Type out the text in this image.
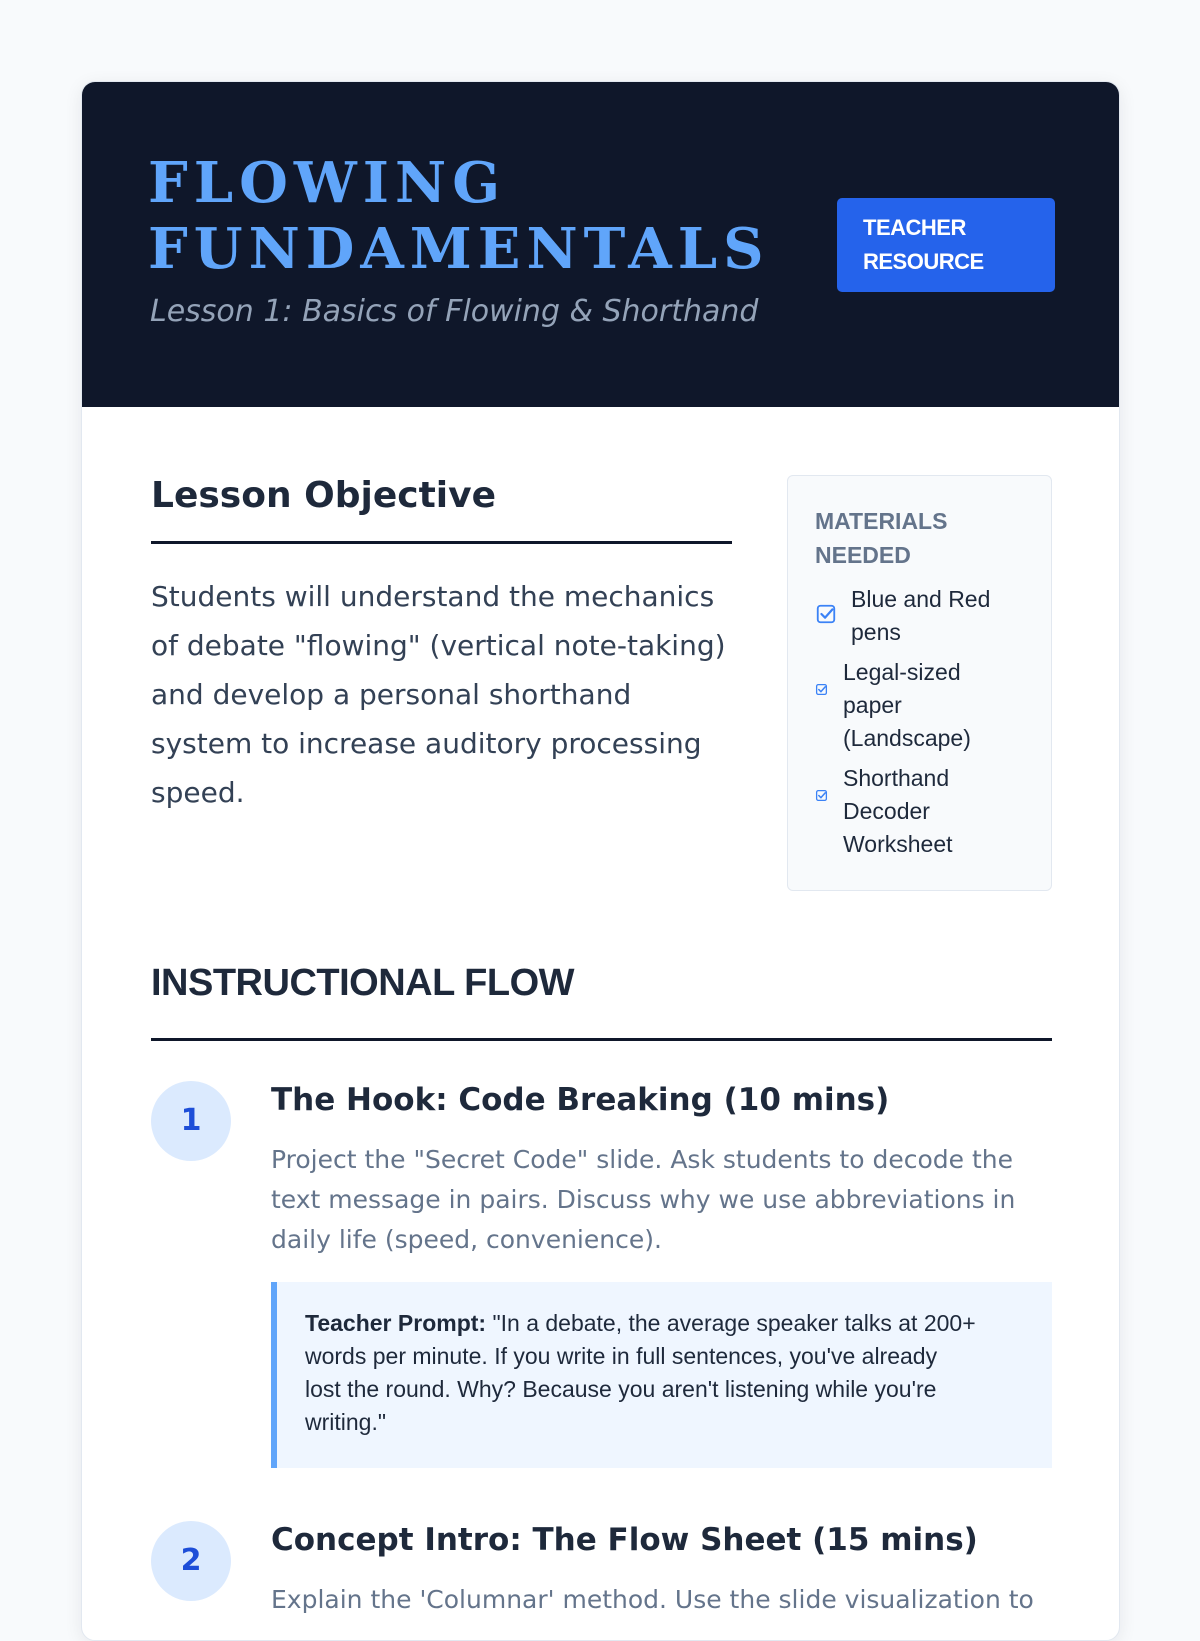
FLOWING
FUNDAMENTALS
Lesson 1: Basics of Flowing & Shorthand
TEACHER
RESOURCE
Lesson Objective
Students will understand the mechanics
of debate "flowing" (vertical note-taking)
and develop a personal shorthand
system to increase auditory processing
speed.
MATERIALS
NEEDED
Blue and Red
pens
Legal-sized
paper
(Landscape)
Shorthand
Decoder
Worksheet
INSTRUCTIONAL FLOW
1
The Hook: Code Breaking (10 mins)
Project the "Secret Code" slide. Ask students to decode the
text message in pairs. Discuss why we use abbreviations in
daily life (speed, convenience).
Teacher Prompt: "In a debate, the average speaker talks at 200+
words per minute. If you write in full sentences, you've already
lost the round. Why? Because you aren't listening while you're
writing."
2
Concept Intro: The Flow Sheet (15 mins)
Explain the 'Columnar' method. Use the slide visualization to
